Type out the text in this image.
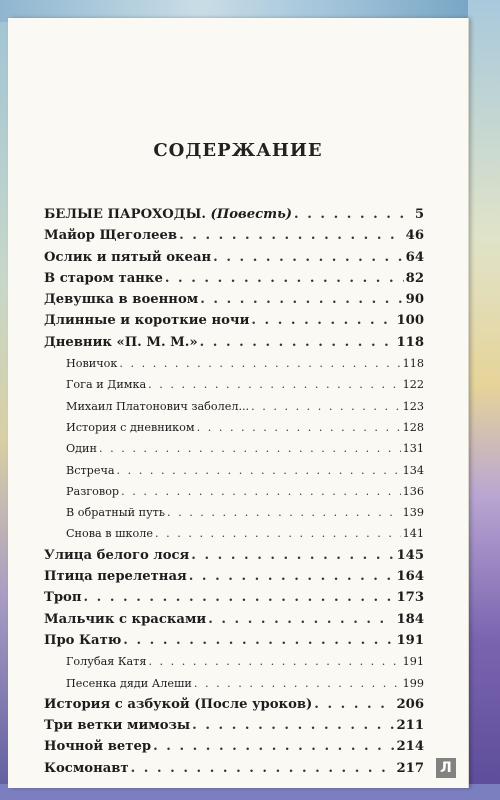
СОДЕРЖАНИЕ
БЕЛЫЕ ПАРОХОДЫ. (Повесть) . . .	5
Майор Щеголеев . . .	46
Ослик и пятый океан . . .	64
В старом танке . . .	82
Девушка в военном . . .	90
Длинные и короткие ночи . . .	100
Дневник «П. М. М.» . . .	118
Новичок . . .	118
Гога и Димка . . .	122
Михаил Платонович заболел... . . .	123
История с дневником . . .	128
Один . . .	131
Встреча . . .	134
Разговор . . .	136
В обратный путь . . .	139
Снова в школе . . .	141
Улица белого лося . . .	145
Птица перелетная . . .	164
Троп . . .	173
Мальчик с красками . . .	184
Про Катю . . .	191
Голубая Катя . . .	191
Песенка дяди Алеши . . .	199
История с азбукой (После уроков) . . .	206
Три ветки мимозы . . .	211
Ночной ветер . . .	214
Космонавт . . .	217 Л
